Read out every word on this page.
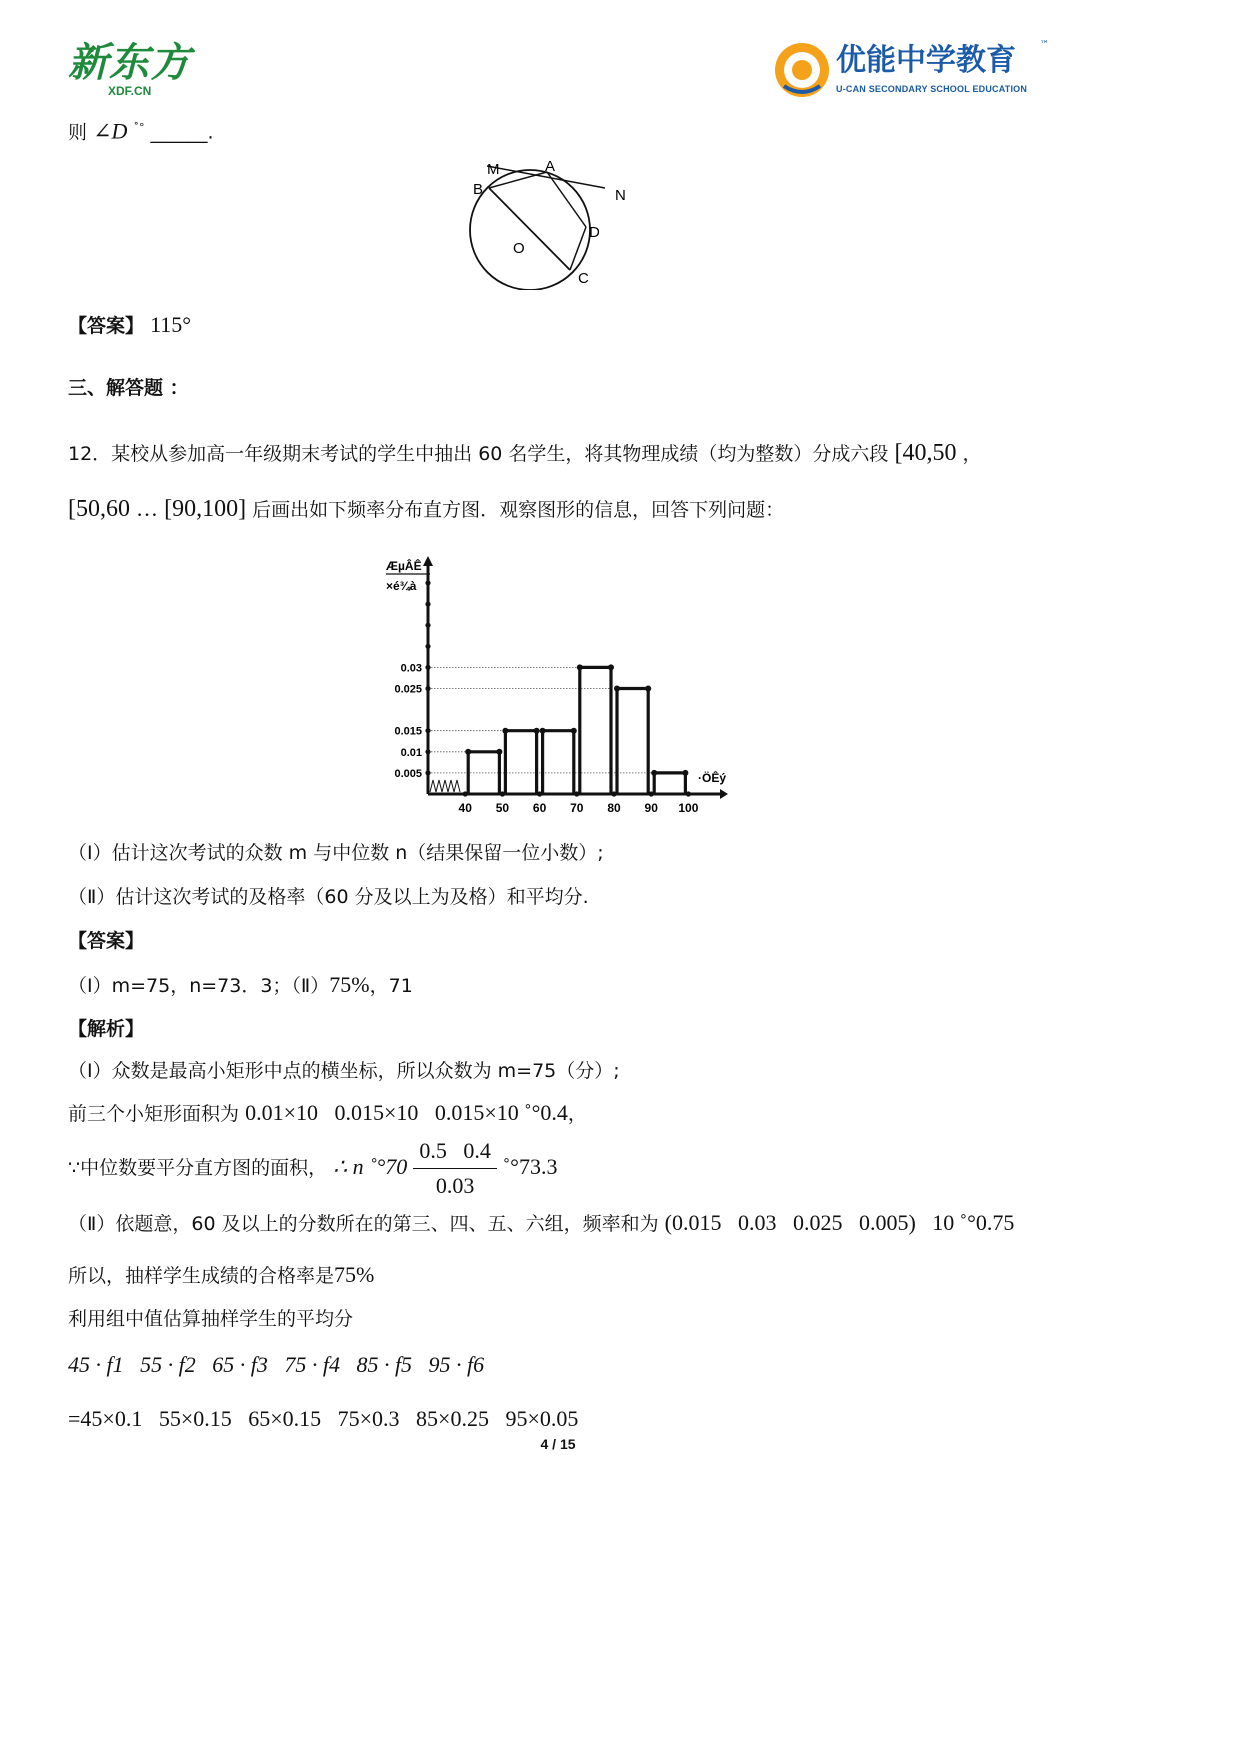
新东方
XDF.CN
优能中学教育	™
U-CAN SECONDARY SCHOOL EDUCATION
则 ∠D ˚° ______.
M	A
B	N
O
D
C
【答案】 115°
三、解答题 ：
12．某校从参加高一年级期末考试的学生中抽出 60 名学生，将其物理成绩（均为整数）分成六段 [40,50 ，
[50,60 … [90,100] 后画出如下频率分布直方图．观察图形的信息，回答下列问题：
ÆµÂÊ
×é¾à
·ÖÊý
0.005
0.01
0.015
0.025
0.03
40 50 60 70 80 90 100
（Ⅰ）估计这次考试的众数 m 与中位数 n（结果保留一位小数）;
（Ⅱ）估计这次考试的及格率（60 分及以上为及格）和平均分.
【答案】
（Ⅰ）m=75，n=73．3；（Ⅱ）75%，71
【解析】
（Ⅰ）众数是最高小矩形中点的横坐标，所以众数为 m=75（分）;
前三个小矩形面积为 0.01×10   0.015×10   0.015×10 ˚°0.4，
∵中位数要平分直方图的面积， ∴ n ˚°70 $\frac{0.5 0.4}{0.03}$ ˚°73.3
（Ⅱ）依题意，60 及以上的分数所在的第三、四、五、六组，频率和为 (0.015   0.03   0.025   0.005)   10 ˚°0.75
所以，抽样学生成绩的合格率是75%
利用组中值估算抽样学生的平均分
45 · f1   55 · f2   65 · f3   75 · f4   85 · f5   95 · f6
=45×0.1   55×0.15   65×0.15   75×0.3   85×0.25   95×0.05
4 / 15
